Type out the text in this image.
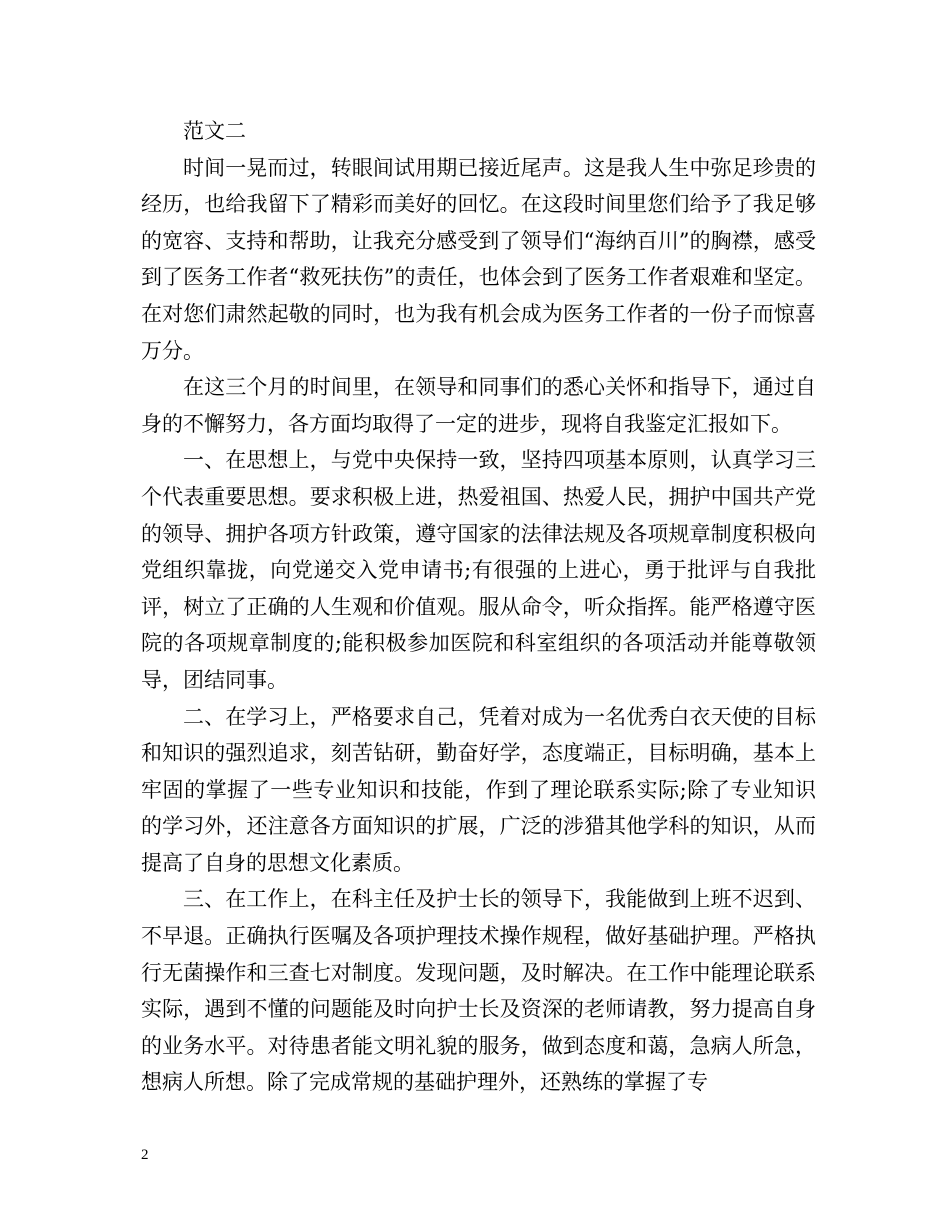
范文二

时间一晃而过，转眼间试用期已接近尾声。这是我人生中弥足珍贵的经历，也给我留下了精彩而美好的回忆。在这段时间里您们给予了我足够的宽容、支持和帮助，让我充分感受到了领导们“海纳百川”的胸襟，感受到了医务工作者“救死扶伤”的责任，也体会到了医务工作者艰难和坚定。在对您们肃然起敬的同时，也为我有机会成为医务工作者的一份子而惊喜万分。

在这三个月的时间里，在领导和同事们的悉心关怀和指导下，通过自身的不懈努力，各方面均取得了一定的进步，现将自我鉴定汇报如下。

一、在思想上，与党中央保持一致，坚持四项基本原则，认真学习三个代表重要思想。要求积极上进，热爱祖国、热爱人民，拥护中国共产党的领导、拥护各项方针政策，遵守国家的法律法规及各项规章制度积极向党组织靠拢，向党递交入党申请书;有很强的上进心，勇于批评与自我批评，树立了正确的人生观和价值观。服从命令，听众指挥。能严格遵守医院的各项规章制度的;能积极参加医院和科室组织的各项活动并能尊敬领导，团结同事。

二、在学习上，严格要求自己，凭着对成为一名优秀白衣天使的目标和知识的强烈追求，刻苦钻研，勤奋好学，态度端正，目标明确，基本上牢固的掌握了一些专业知识和技能，作到了理论联系实际;除了专业知识的学习外，还注意各方面知识的扩展，广泛的涉猎其他学科的知识，从而提高了自身的思想文化素质。

三、在工作上，在科主任及护士长的领导下，我能做到上班不迟到、不早退。正确执行医嘱及各项护理技术操作规程，做好基础护理。严格执行无菌操作和三查七对制度。发现问题，及时解决。在工作中能理论联系实际，遇到不懂的问题能及时向护士长及资深的老师请教，努力提高自身的业务水平。对待患者能文明礼貌的服务，做到态度和蔼，急病人所急，想病人所想。除了完成常规的基础护理外，还熟练的掌握了专

2
